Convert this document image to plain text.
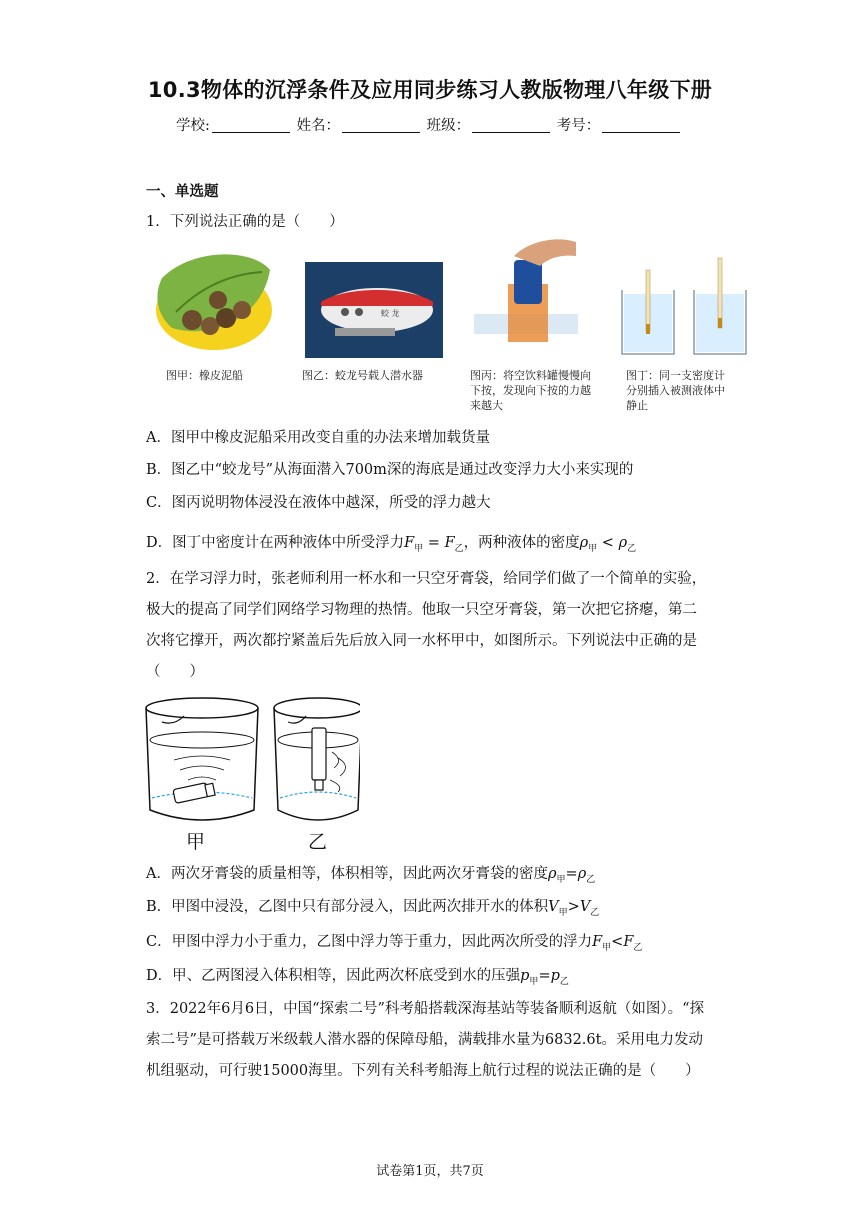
10.3物体的沉浮条件及应用同步练习人教版物理八年级下册
学校:	姓名：	班级：	考号：
一、单选题
1．下列说法正确的是（　　）
图甲：橡皮泥船
蛟 龙
图乙：蛟龙号载人潜水器	图丙：将空饮料罐慢慢向
下按，发现向下按的力越
来越大
图丁：同一支密度计
分别插入被测液体中
静止
A．图甲中橡皮泥船采用改变自重的办法来增加载货量
B．图乙中“蛟龙号”从海面潜入700m深的海底是通过改变浮力大小来实现的
C．图丙说明物体浸没在液体中越深，所受的浮力越大
D．图丁中密度计在两种液体中所受浮力$F_甲 = F_乙$，两种液体的密度$\rho_甲 < \rho_乙$
2．在学习浮力时，张老师利用一杯水和一只空牙膏袋，给同学们做了一个简单的实验，
极大的提高了同学们网络学习物理的热情。他取一只空牙膏袋，第一次把它挤瘪，第二
次将它撑开，两次都拧紧盖后先后放入同一水杯甲中，如图所示。下列说法中正确的是
（　　）
甲	乙
A．两次牙膏袋的质量相等，体积相等，因此两次牙膏袋的密度$\rho_甲=\rho_乙$
B．甲图中浸没，乙图中只有部分浸入，因此两次排开水的体积$V_甲>V_乙$
C．甲图中浮力小于重力，乙图中浮力等于重力，因此两次所受的浮力$F_甲<F_乙$
D．甲、乙两图浸入体积相等，因此两次杯底受到水的压强$p_甲=p_乙$
3．2022年6月6日，中国“探索二号”科考船搭载深海基站等装备顺利返航（如图）。“探
索二号”是可搭载万米级载人潜水器的保障母船，满载排水量为6832.6t。采用电力发动
机组驱动，可行驶15000海里。下列有关科考船海上航行过程的说法正确的是（　　）
试卷第1页，共7页
